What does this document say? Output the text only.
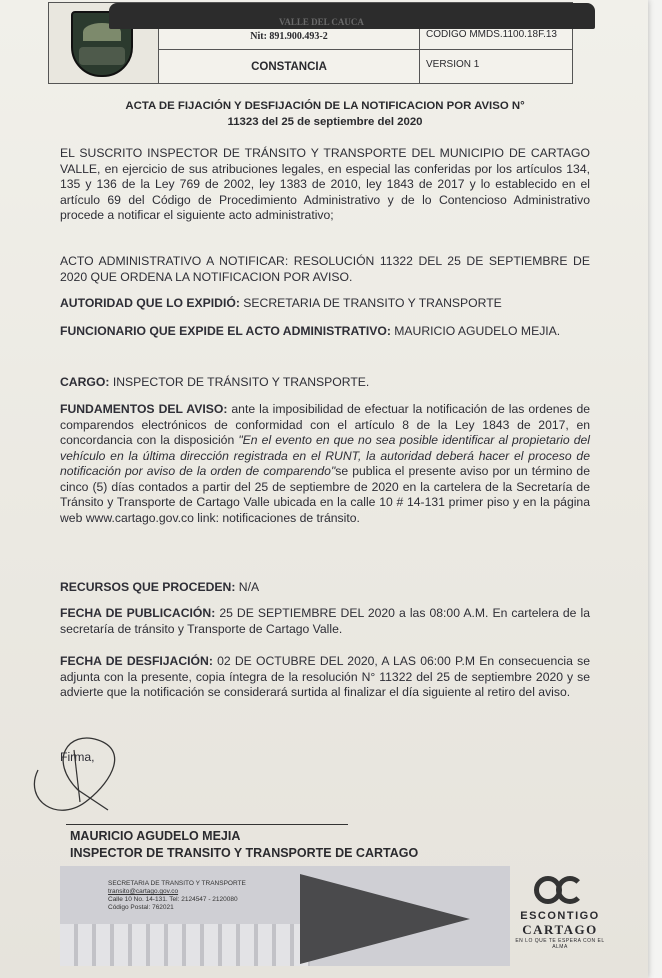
Nit: 891.900.493-2
CONSTANCIA
CODIGO MMDS.1100.18F.13
VERSION 1
VALLE DEL CAUCA
ACTA DE FIJACIÓN Y DESFIJACIÓN DE LA NOTIFICACION POR AVISO N°
11323 del 25 de septiembre del 2020
EL SUSCRITO INSPECTOR DE TRÁNSITO Y TRANSPORTE DEL MUNICIPIO DE CARTAGO VALLE, en ejercicio de sus atribuciones legales, en especial las conferidas por los artículos 134, 135 y 136 de la Ley 769 de 2002, ley 1383 de 2010, ley 1843 de 2017 y lo establecido en el artículo 69 del Código de Procedimiento Administrativo y de lo Contencioso Administrativo procede a notificar el siguiente acto administrativo;
ACTO ADMINISTRATIVO A NOTIFICAR: RESOLUCIÓN 11322 DEL 25 DE SEPTIEMBRE DE 2020 QUE ORDENA LA NOTIFICACION POR AVISO.
AUTORIDAD QUE LO EXPIDIÓ: SECRETARIA DE TRANSITO Y TRANSPORTE
FUNCIONARIO QUE EXPIDE EL ACTO ADMINISTRATIVO: MAURICIO AGUDELO MEJIA.
CARGO: INSPECTOR DE TRÁNSITO Y TRANSPORTE.
FUNDAMENTOS DEL AVISO: ante la imposibilidad de efectuar la notificación de las ordenes de comparendos electrónicos de conformidad con el artículo 8 de la Ley 1843 de 2017, en concordancia con la disposición "En el evento en que no sea posible identificar al propietario del vehículo en la última dirección registrada en el RUNT, la autoridad deberá hacer el proceso de notificación por aviso de la orden de comparendo"se publica el presente aviso por un término de cinco (5) días contados a partir del 25 de septiembre de 2020 en la cartelera de la Secretaría de Tránsito y Transporte de Cartago Valle ubicada en la calle 10 # 14-131 primer piso y en la página web www.cartago.gov.co link: notificaciones de tránsito.
RECURSOS QUE PROCEDEN: N/A
FECHA DE PUBLICACIÓN: 25 DE SEPTIEMBRE DEL 2020 a las 08:00 A.M. En cartelera de la secretaría de tránsito y Transporte de Cartago Valle.
FECHA DE DESFIJACIÓN: 02 DE OCTUBRE DEL 2020, A LAS 06:00 P.M En consecuencia se adjunta con la presente, copia íntegra de la resolución N° 11322 del 25 de septiembre 2020 y se advierte que la notificación se considerará surtida al finalizar el día siguiente al retiro del aviso.
Firma,
MAURICIO AGUDELO MEJIA
INSPECTOR DE TRANSITO Y TRANSPORTE DE CARTAGO
SECRETARIA DE TRANSITO Y TRANSPORTE
transito@cartago.gov.co
Calle 10 No. 14-131. Tel: 2124547 - 2120080
Código Postal: 762021
ESCONTIGO
CARTAGO
EN LO QUE TE ESPERA CON EL ALMA
